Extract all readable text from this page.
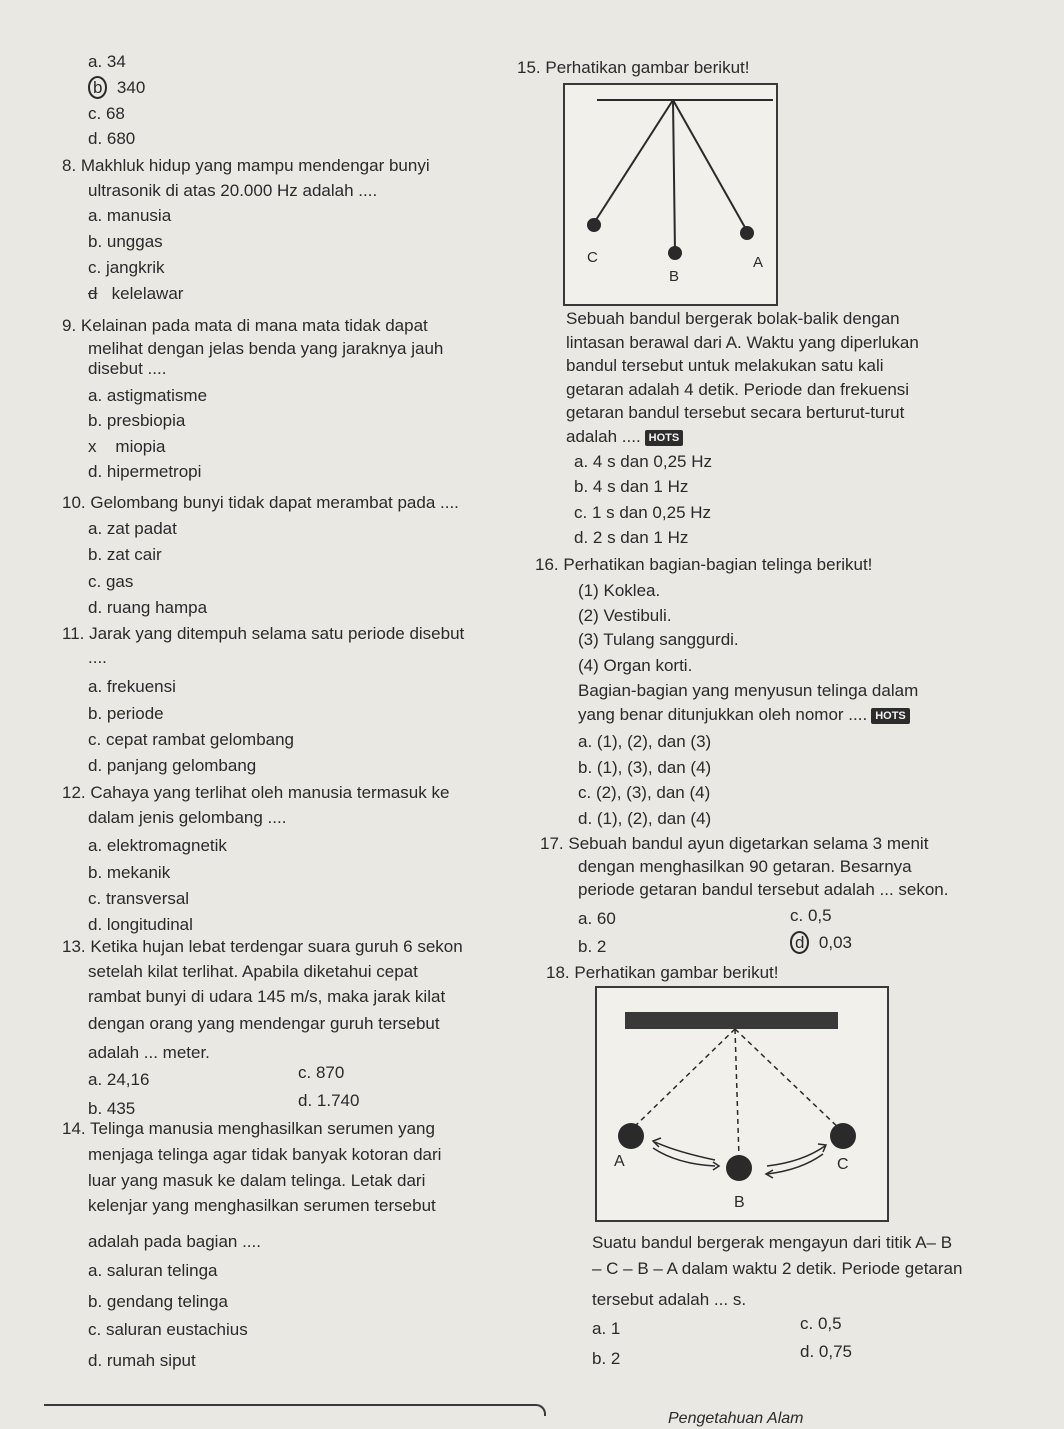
a. 34
b 340
c. 68
d. 680
8. Makhluk hidup yang mampu mendengar bunyi
ultrasonik di atas 20.000 Hz adalah ....
a. manusia
b. unggas
c. jangkrik
d kelelawar
9. Kelainan pada mata di mana mata tidak dapat
melihat dengan jelas benda yang jaraknya jauh
disebut ....
a. astigmatisme
b. presbiopia
x miopia
d. hipermetropi
10. Gelombang bunyi tidak dapat merambat pada ....
a. zat padat
b. zat cair
c. gas
d. ruang hampa
11. Jarak yang ditempuh selama satu periode disebut
....
a. frekuensi
b. periode
c. cepat rambat gelombang
d. panjang gelombang
12. Cahaya yang terlihat oleh manusia termasuk ke
dalam jenis gelombang ....
a. elektromagnetik
b. mekanik
c. transversal
d. longitudinal
13. Ketika hujan lebat terdengar suara guruh 6 sekon
setelah kilat terlihat. Apabila diketahui cepat
rambat bunyi di udara 145 m/s, maka jarak kilat
dengan orang yang mendengar guruh tersebut
adalah ... meter.
a. 24,16	c. 870
b. 435	d. 1.740
14. Telinga manusia menghasilkan serumen yang
menjaga telinga agar tidak banyak kotoran dari
luar yang masuk ke dalam telinga. Letak dari
kelenjar yang menghasilkan serumen tersebut
adalah pada bagian ....
a. saluran telinga
b. gendang telinga
c. saluran eustachius
d. rumah siput
15. Perhatikan gambar berikut!
C	A
B
Sebuah bandul bergerak bolak-balik dengan
lintasan berawal dari A. Waktu yang diperlukan
bandul tersebut untuk melakukan satu kali
getaran adalah 4 detik. Periode dan frekuensi
getaran bandul tersebut secara berturut-turut
adalah .... HOTS
a. 4 s dan 0,25 Hz
b. 4 s dan 1 Hz
c. 1 s dan 0,25 Hz
d. 2 s dan 1 Hz
16. Perhatikan bagian-bagian telinga berikut!
(1) Koklea.
(2) Vestibuli.
(3) Tulang sanggurdi.
(4) Organ korti.
Bagian-bagian yang menyusun telinga dalam
yang benar ditunjukkan oleh nomor .... HOTS
a. (1), (2), dan (3)
b. (1), (3), dan (4)
c. (2), (3), dan (4)
d. (1), (2), dan (4)
17. Sebuah bandul ayun digetarkan selama 3 menit
dengan menghasilkan 90 getaran. Besarnya
periode getaran bandul tersebut adalah ... sekon.
a. 60	c. 0,5
b. 2	d 0,03
18. Perhatikan gambar berikut!
A	C
B
Suatu bandul bergerak mengayun dari titik A– B
– C – B – A dalam waktu 2 detik. Periode getaran
tersebut adalah ... s.
a. 1	c. 0,5
b. 2	d. 0,75
Pengetahuan Alam
